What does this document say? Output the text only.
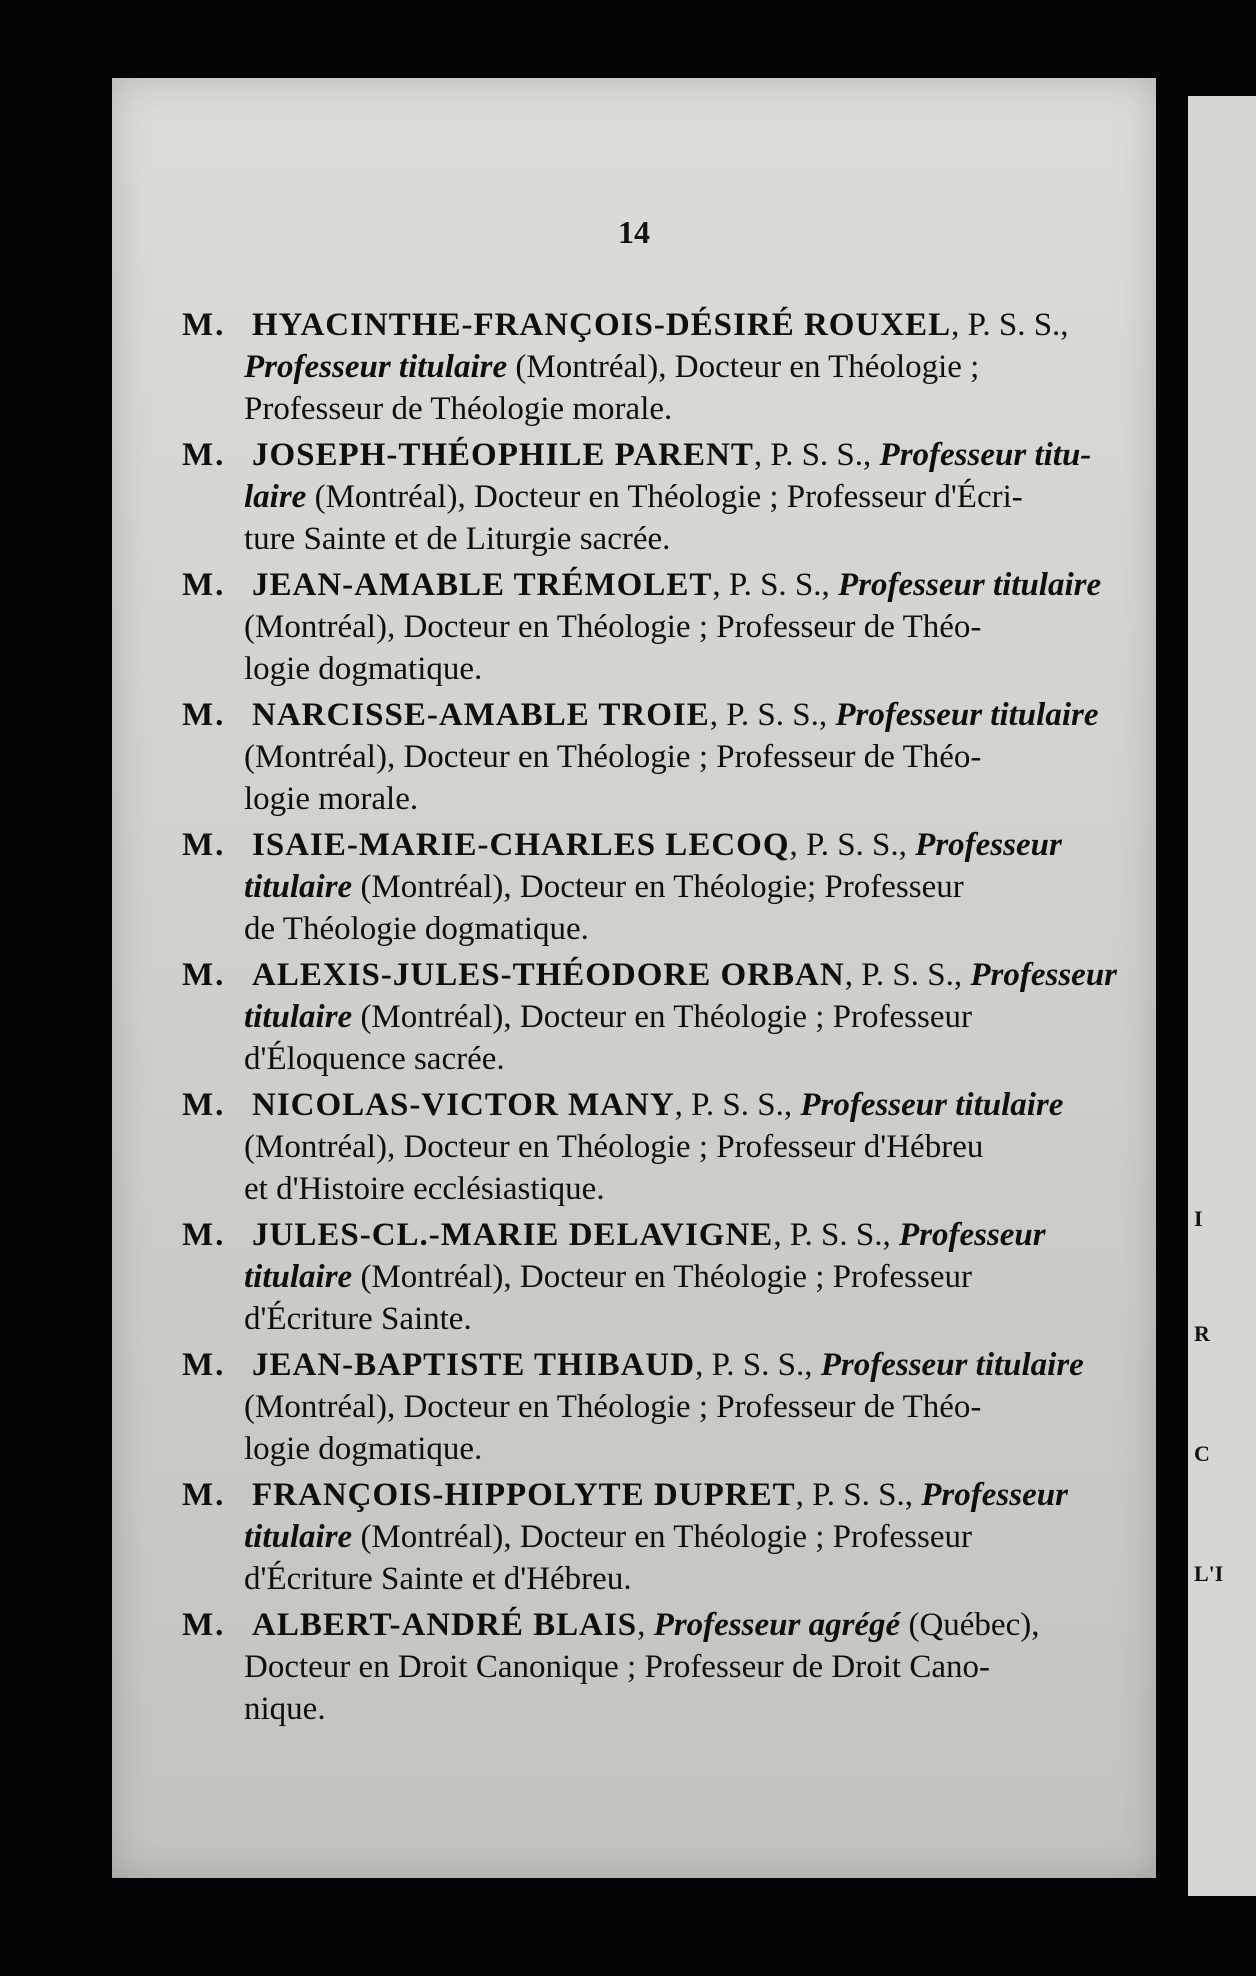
14
M. HYACINTHE-FRANÇOIS-DÉSIRÉ ROUXEL, P. S. S.,
Professeur titulaire (Montréal), Docteur en Théologie ;
Professeur de Théologie morale.
M. JOSEPH-THÉOPHILE PARENT, P. S. S., Professeur titu-
laire (Montréal), Docteur en Théologie ; Professeur d'Écri-
ture Sainte et de Liturgie sacrée.
M. JEAN-AMABLE TRÉMOLET, P. S. S., Professeur titulaire
(Montréal), Docteur en Théologie ; Professeur de Théo-
logie dogmatique.
M. NARCISSE-AMABLE TROIE, P. S. S., Professeur titulaire
(Montréal), Docteur en Théologie ; Professeur de Théo-
logie morale.
M. ISAIE-MARIE-CHARLES LECOQ, P. S. S., Professeur
titulaire (Montréal), Docteur en Théologie; Professeur
de Théologie dogmatique.
M. ALEXIS-JULES-THÉODORE ORBAN, P. S. S., Professeur
titulaire (Montréal), Docteur en Théologie ; Professeur
d'Éloquence sacrée.
M. NICOLAS-VICTOR MANY, P. S. S., Professeur titulaire
(Montréal), Docteur en Théologie ; Professeur d'Hébreu
et d'Histoire ecclésiastique.
M. JULES-CL.-MARIE DELAVIGNE, P. S. S., Professeur
titulaire (Montréal), Docteur en Théologie ; Professeur
d'Écriture Sainte.
M. JEAN-BAPTISTE THIBAUD, P. S. S., Professeur titulaire
(Montréal), Docteur en Théologie ; Professeur de Théo-
logie dogmatique.
M. FRANÇOIS-HIPPOLYTE DUPRET, P. S. S., Professeur
titulaire (Montréal), Docteur en Théologie ; Professeur
d'Écriture Sainte et d'Hébreu.
M. ALBERT-ANDRÉ BLAIS, Professeur agrégé (Québec),
Docteur en Droit Canonique ; Professeur de Droit Cano-
nique.
I
R
C
L'I
